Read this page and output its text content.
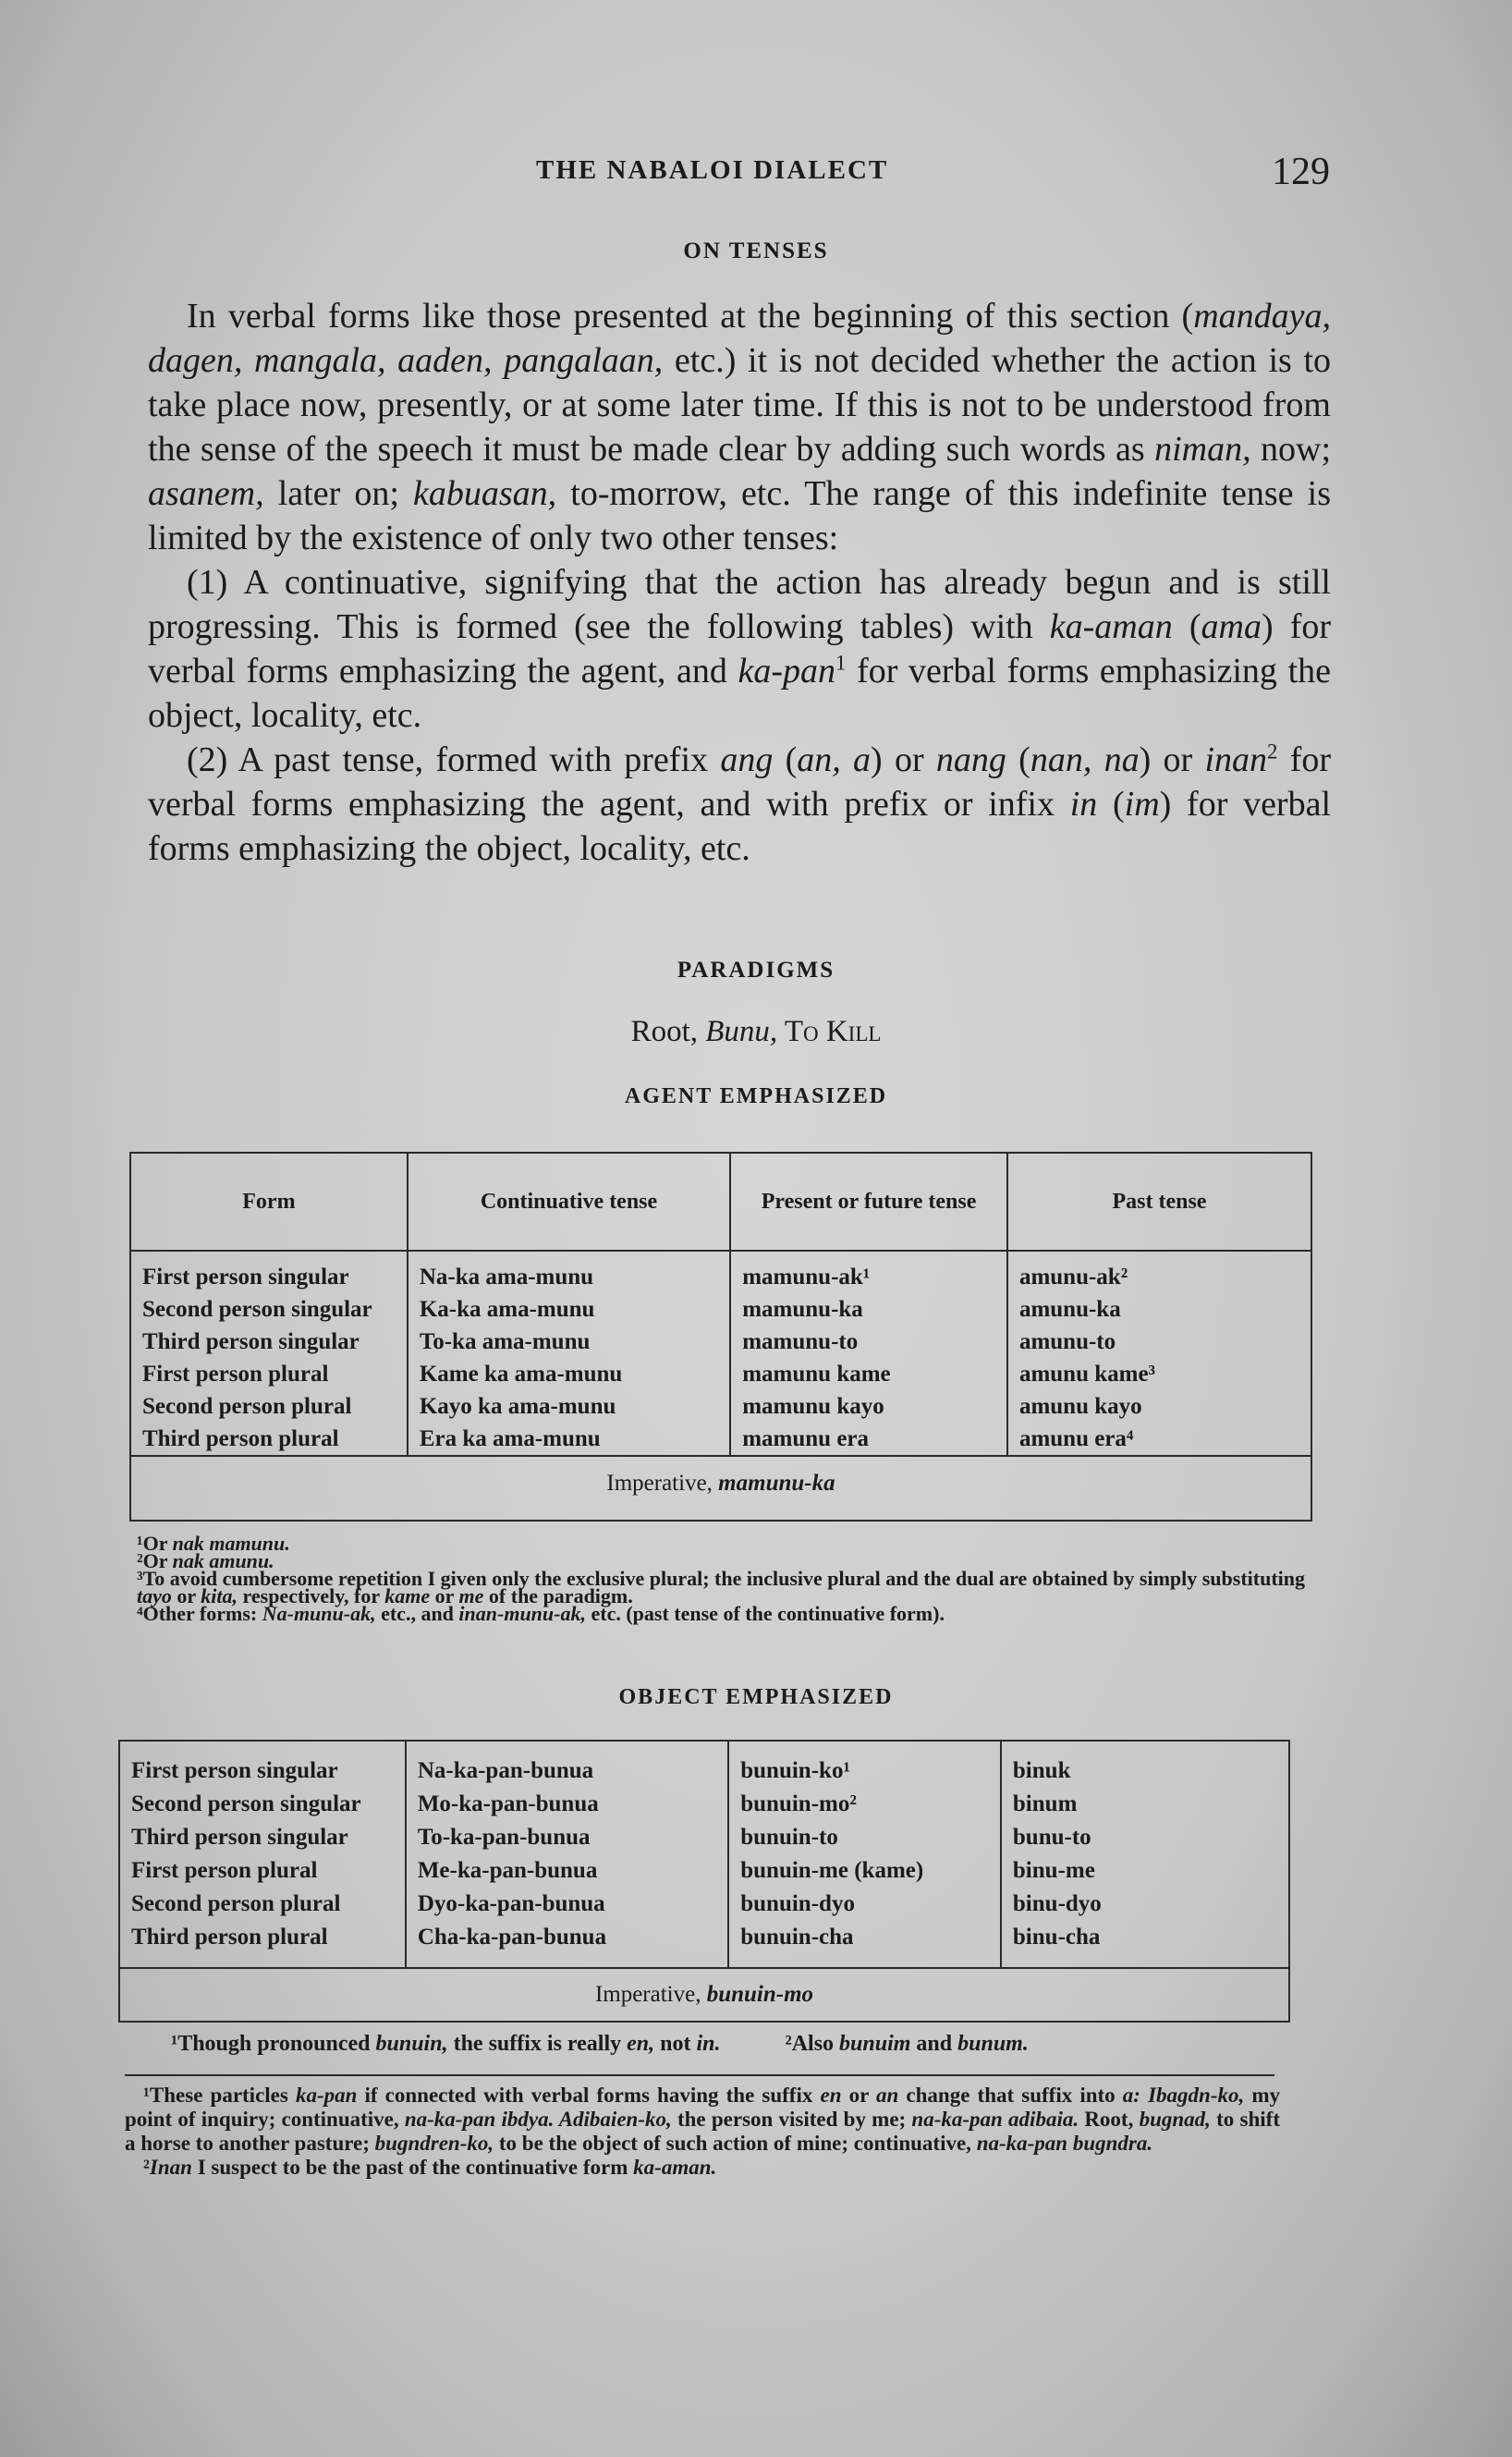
THE NABALOI DIALECT	129
ON TENSES

In verbal forms like those presented at the beginning of this section (mandaya, dagen, mangala, aaden, pangalaan, etc.) it is not decided whether the action is to take place now, presently, or at some later time. If this is not to be understood from the sense of the speech it must be made clear by adding such words as niman, now; asanem, later on; kabuasan, to-morrow, etc. The range of this indefinite tense is limited by the existence of only two other tenses:

(1) A continuative, signifying that the action has already begun and is still progressing. This is formed (see the following tables) with ka-aman (ama) for verbal forms emphasizing the agent, and ka-pan$^1$ for verbal forms emphasizing the object, locality, etc.

(2) A past tense, formed with prefix ang (an, a) or nang (nan, na) or inan$^2$ for verbal forms emphasizing the agent, and with prefix or infix in (im) for verbal forms emphasizing the object, locality, etc.

PARADIGMS
Root, Bunu, To Kill
AGENT EMPHASIZED
Form	Continuative tense	Present or future tense	Past tense
First person singular	Na-ka ama-munu	mamunu-ak¹	amunu-ak²
Second person singular	Ka-ka ama-munu	mamunu-ka	amunu-ka
Third person singular	To-ka ama-munu	mamunu-to	amunu-to
First person plural	Kame ka ama-munu	mamunu kame	amunu kame³
Second person plural	Kayo ka ama-munu	mamunu kayo	amunu kayo
Third person plural	Era ka ama-munu	mamunu era	amunu era⁴
Imperative, mamunu-ka			
¹Or nak mamunu.
²Or nak amunu.
³To avoid cumbersome repetition I given only the exclusive plural; the inclusive plural and the dual are obtained by simply substituting tayo or kita, respectively, for kame or me of the paradigm.
⁴Other forms: Na-munu-ak, etc., and inan-munu-ak, etc. (past tense of the continuative form).
OBJECT EMPHASIZED
First person singular	Na-ka-pan-bunua	bunuin-ko¹	binuk
Second person singular	Mo-ka-pan-bunua	bunuin-mo²	binum
Third person singular	To-ka-pan-bunua	bunuin-to	bunu-to
First person plural	Me-ka-pan-bunua	bunuin-me (kame)	binu-me
Second person plural	Dyo-ka-pan-bunua	bunuin-dyo	binu-dyo
Third person plural	Cha-ka-pan-bunua	bunuin-cha	binu-cha
Imperative, bunuin-mo			
¹Though pronounced bunuin, the suffix is really en, not in.	²Also bunuim and bunum.

¹These particles ka-pan if connected with verbal forms having the suffix en or an change that suffix into a: Ibagdn-ko, my point of inquiry; continuative, na-ka-pan ibdya. Adibaien-ko, the person visited by me; na-ka-pan adibaia. Root, bugnad, to shift a horse to another pasture; bugndren-ko, to be the object of such action of mine; continuative, na-ka-pan bugndra.

²Inan I suspect to be the past of the continuative form ka-aman.
